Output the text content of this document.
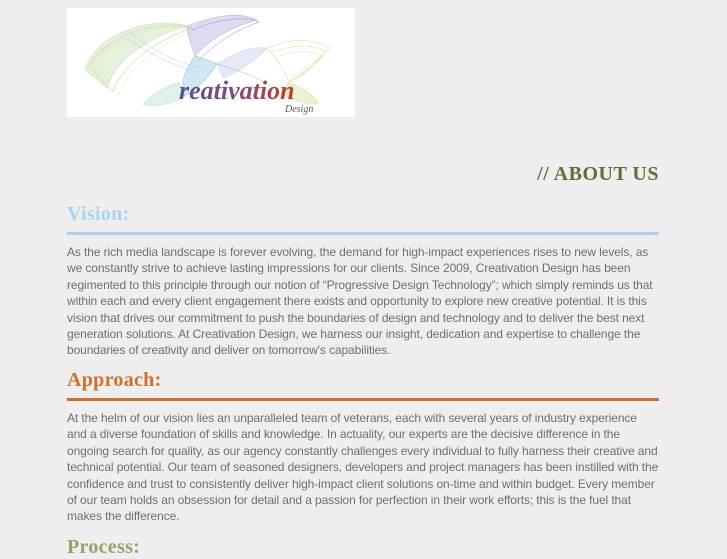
reativation
Design
// ABOUT US
Vision:
As the rich media landscape is forever evolving, the demand for high-impact experiences rises to new levels, as we constantly strive to achieve lasting impressions for our clients. Since 2009, Creativation Design has been regimented to this principle through our notion of “Progressive Design Technology”; which simply reminds us that within each and every client engagement there exists and opportunity to explore new creative potential. It is this vision that drives our commitment to push the boundaries of design and technology and to deliver the best next generation solutions. At Creativation Design, we harness our insight, dedication and expertise to challenge the boundaries of creativity and deliver on tomorrow's capabilities.
Approach:
At the helm of our vision lies an unparalleled team of veterans, each with several years of industry experience and a diverse foundation of skills and knowledge. In actuality, our experts are the decisive difference in the ongoing search for quality, as our agency constantly challenges every individual to fully harness their creative and technical potential. Our team of seasoned designers, developers and project managers has been instilled with the confidence and trust to consistently deliver high-impact client solutions on-time and within budget. Every member of our team holds an obsession for detail and a passion for perfection in their work efforts; this is the fuel that makes the difference.
Process:
